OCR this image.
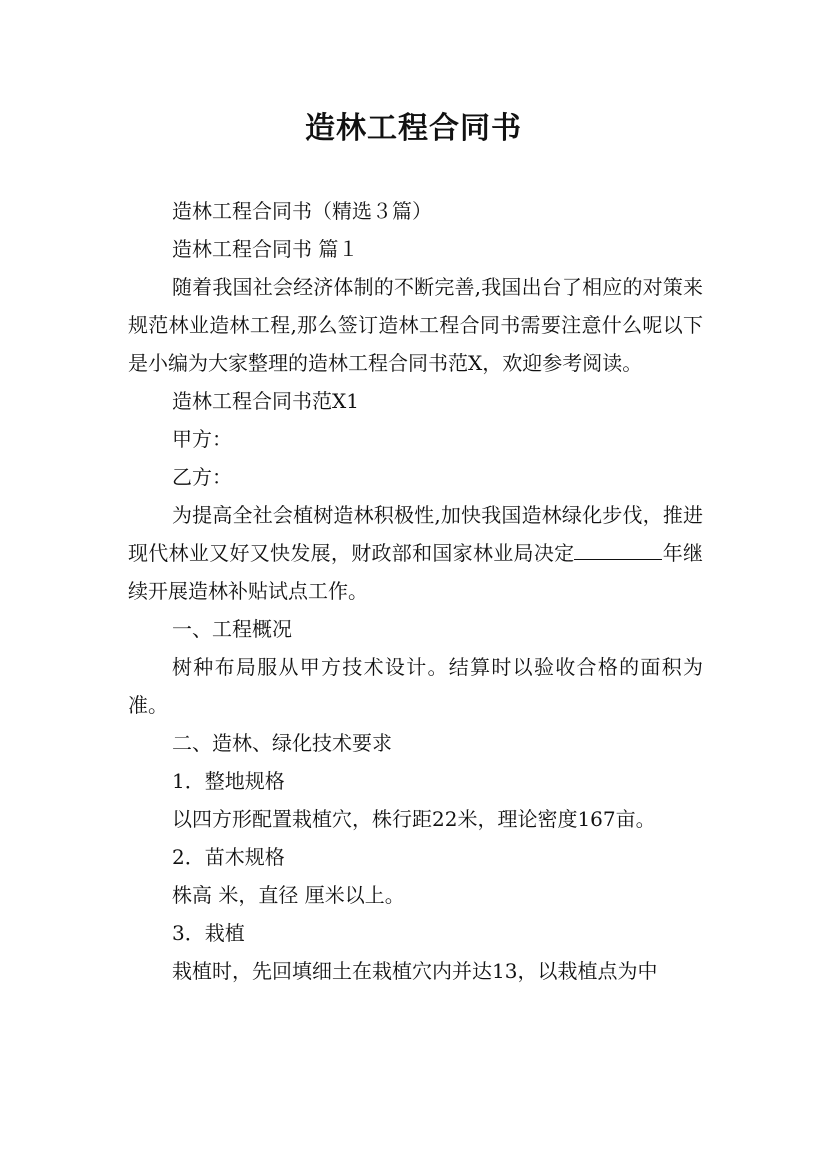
造林工程合同书

造林工程合同书（精选３篇）

造林工程合同书 篇１

随着我国社会经济体制的不断完善,我国出台了相应的对策来规范林业造林工程,那么签订造林工程合同书需要注意什么呢以下是小编为大家整理的造林工程合同书范X，欢迎参考阅读。

造林工程合同书范X1

甲方：

乙方：

为提高全社会植树造林积极性,加快我国造林绿化步伐，推进现代林业又好又快发展，财政部和国家林业局决定	年继续开展造林补贴试点工作。

一、工程概况

树种布局服从甲方技术设计。结算时以验收合格的面积为准。

二、造林、绿化技术要求

1．整地规格

以四方形配置栽植穴，株行距22米，理论密度167亩。

2．苗木规格

株高 米，直径 厘米以上。

3．栽植

栽植时，先回填细土在栽植穴内并达13，以栽植点为中
